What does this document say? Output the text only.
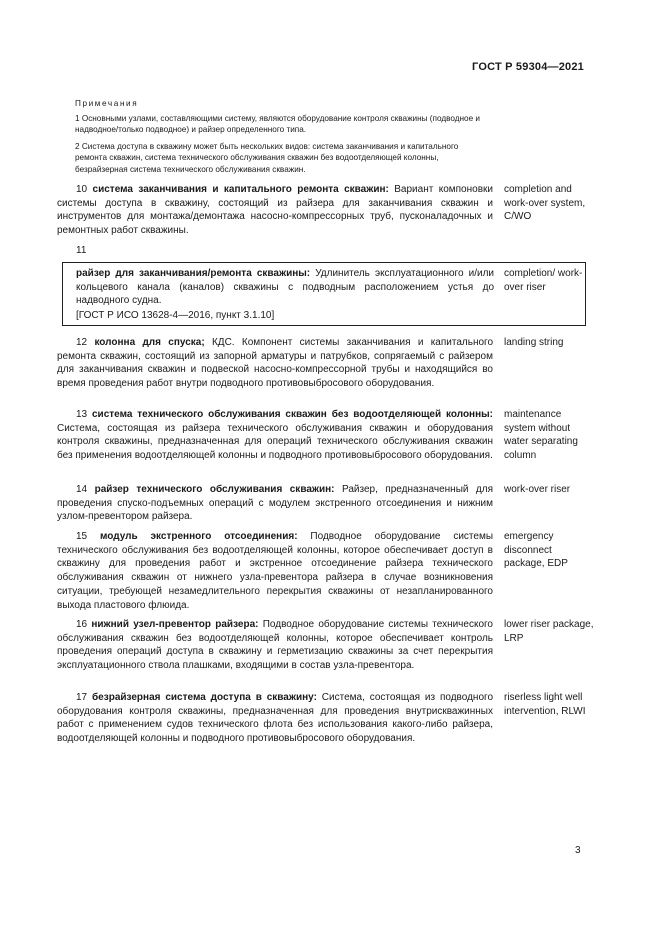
ГОСТ Р 59304—2021
Примечания

1 Основными узлами, составляющими систему, являются оборудование контроля скважины (подводное и надводное/только подводное) и райзер определенного типа.

2 Система доступа в скважину может быть нескольких видов: система заканчивания и капитального ремонта скважин, система технического обслуживания скважин без водоотделяющей колонны, безрайзерная система технического обслуживания скважин.

10 система заканчивания и капитального ремонта скважин: Вариант компоновки системы доступа в скважину, состоящий из райзера для заканчивания скважин и инструментов для монтажа/демонтажа насосно-компрессорных труб, пусконаладочных и ремонтных работ скважины.
completion and work-over system, C/WO
11
райзер для заканчивания/ремонта скважины: Удлинитель эксплуатационного и/или кольцевого канала (каналов) скважины с подводным расположением устья до надводного судна.
[ГОСТ Р ИСО 13628-4—2016, пункт 3.1.10]
completion/ work-over riser
12 колонна для спуска; КДС. Компонент системы заканчивания и капитального ремонта скважин, состоящий из запорной арматуры и патрубков, сопрягаемый с райзером для заканчивания скважин и подвеской насосно-компрессорной трубы и находящийся во время проведения работ внутри подводного противовыбросового оборудования.
landing string
13 система технического обслуживания скважин без водоотделяющей колонны: Система, состоящая из райзера технического обслуживания скважин и оборудования контроля скважины, предназначенная для операций технического обслуживания скважин без применения водоотделяющей колонны и подводного противовыбросового оборудования.
maintenance system without water separating column
14 райзер технического обслуживания скважин: Райзер, предназначенный для проведения спуско-подъемных операций с модулем экстренного отсоединения и нижним узлом-превентором райзера.
work-over riser
15 модуль экстренного отсоединения: Подводное оборудование системы технического обслуживания без водоотделяющей колонны, которое обеспечивает доступ в скважину для проведения работ и экстренное отсоединение райзера технического обслуживания скважин от нижнего узла-превентора райзера в случае возникновения ситуации, требующей незамедлительного перекрытия скважины от незапланированного выхода пластового флюида.
emergency disconnect package, EDP
16 нижний узел-превентор райзера: Подводное оборудование системы технического обслуживания скважин без водоотделяющей колонны, которое обеспечивает контроль проведения операций доступа в скважину и герметизацию скважины за счет перекрытия эксплуатационного ствола плашками, входящими в состав узла-превентора.
lower riser package, LRP
17 безрайзерная система доступа в скважину: Система, состоящая из подводного оборудования контроля скважины, предназначенная для проведения внутрискважинных работ с применением судов технического флота без использования какого-либо райзера, водоотделяющей колонны и подводного противовыбросового оборудования.
riserless light well intervention, RLWI
3
